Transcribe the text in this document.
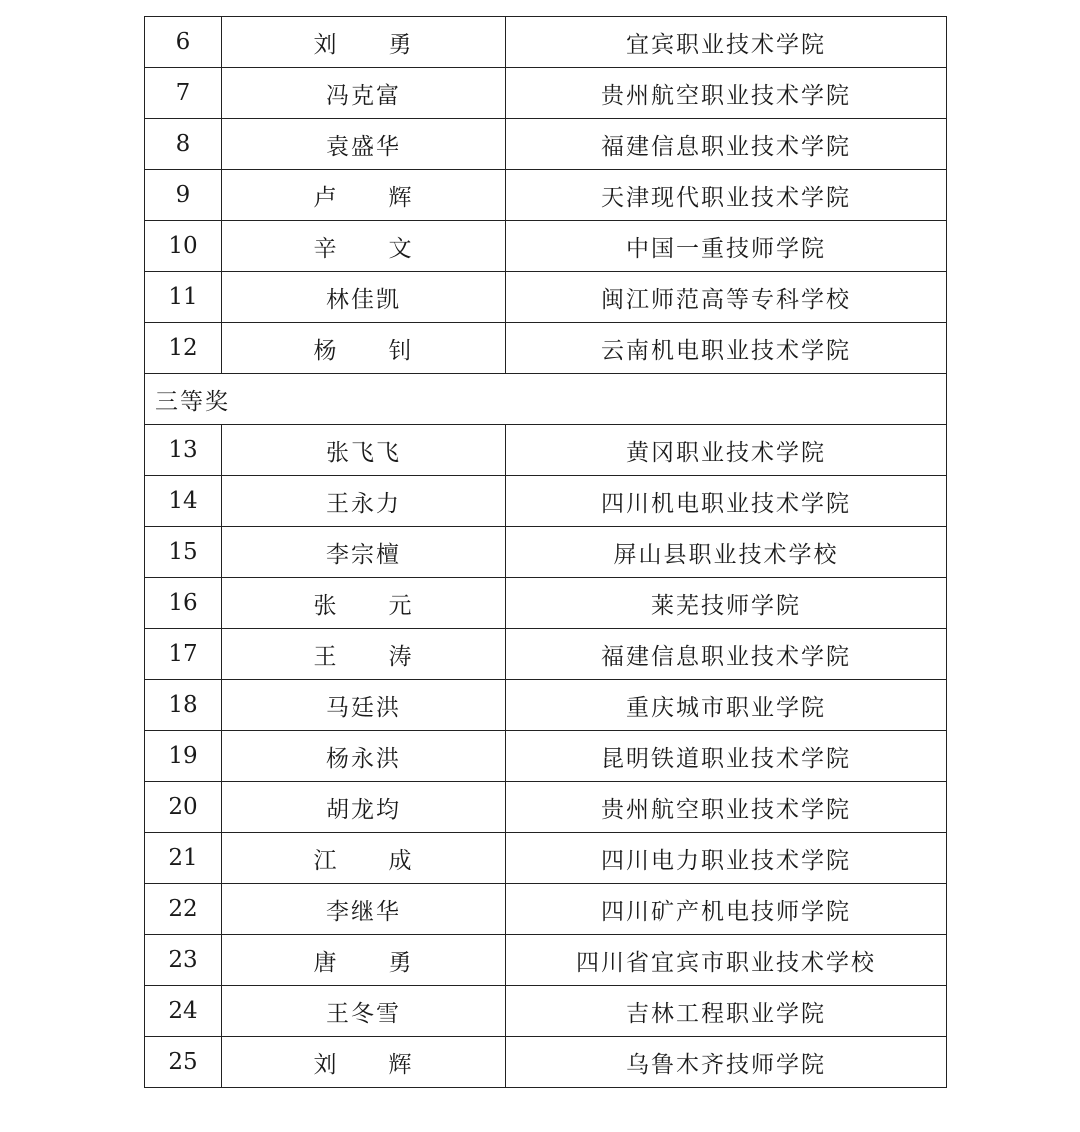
6	刘　　勇	宜宾职业技术学院
7	冯克富	贵州航空职业技术学院
8	袁盛华	福建信息职业技术学院
9	卢　　辉	天津现代职业技术学院
10	辛　　文	中国一重技师学院
11	林佳凯	闽江师范高等专科学校
12	杨　　钊	云南机电职业技术学院
三等奖		
13	张飞飞	黄冈职业技术学院
14	王永力	四川机电职业技术学院
15	李宗檀	屏山县职业技术学校
16	张　　元	莱芜技师学院
17	王　　涛	福建信息职业技术学院
18	马廷洪	重庆城市职业学院
19	杨永洪	昆明铁道职业技术学院
20	胡龙均	贵州航空职业技术学院
21	江　　成	四川电力职业技术学院
22	李继华	四川矿产机电技师学院
23	唐　　勇	四川省宜宾市职业技术学校
24	王冬雪	吉林工程职业学院
25	刘　　辉	乌鲁木齐技师学院
